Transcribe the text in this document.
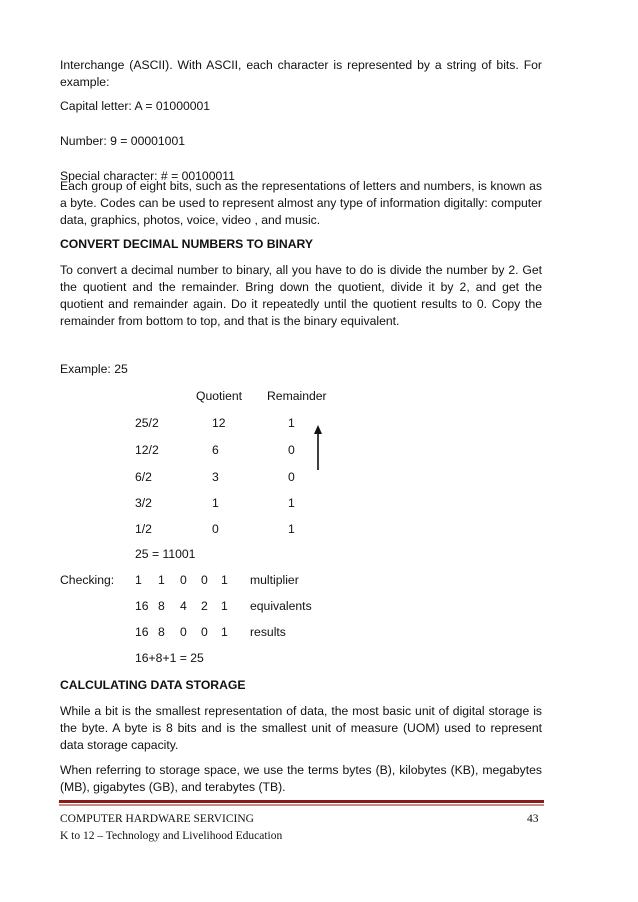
Interchange (ASCII). With ASCII, each character is represented by a string of bits. For example:

Capital letter: A = 01000001

Number: 9 = 00001001

Special character: # = 00100011

Each group of eight bits, such as the representations of letters and numbers, is known as a byte. Codes can be used to represent almost any type of information digitally: computer data, graphics, photos, voice, video , and music.

CONVERT DECIMAL NUMBERS TO BINARY

To convert a decimal number to binary, all you have to do is divide the number by 2. Get the quotient and the remainder. Bring down the quotient, divide it by 2, and get the quotient and remainder again. Do it repeatedly until the quotient results to 0. Copy the remainder from bottom to top, and that is the binary equivalent.

Example: 25
Quotient Remainder
25/2	12	1
12/2	6	0
6/2	3	0
3/2	1	1
1/2	0	1
25 = 11001
Checking: 1 1 0 0 1 multiplier
16 8 4 2 1 equivalents
16 8 0 0 1 results
16+8+1 = 25

CALCULATING DATA STORAGE

While a bit is the smallest representation of data, the most basic unit of digital storage is the byte. A byte is 8 bits and is the smallest unit of measure (UOM) used to represent data storage capacity.

When referring to storage space, we use the terms bytes (B), kilobytes (KB), megabytes (MB), gigabytes (GB), and terabytes (TB).

COMPUTER HARDWARE SERVICING	43
K to 12 – Technology and Livelihood Education
